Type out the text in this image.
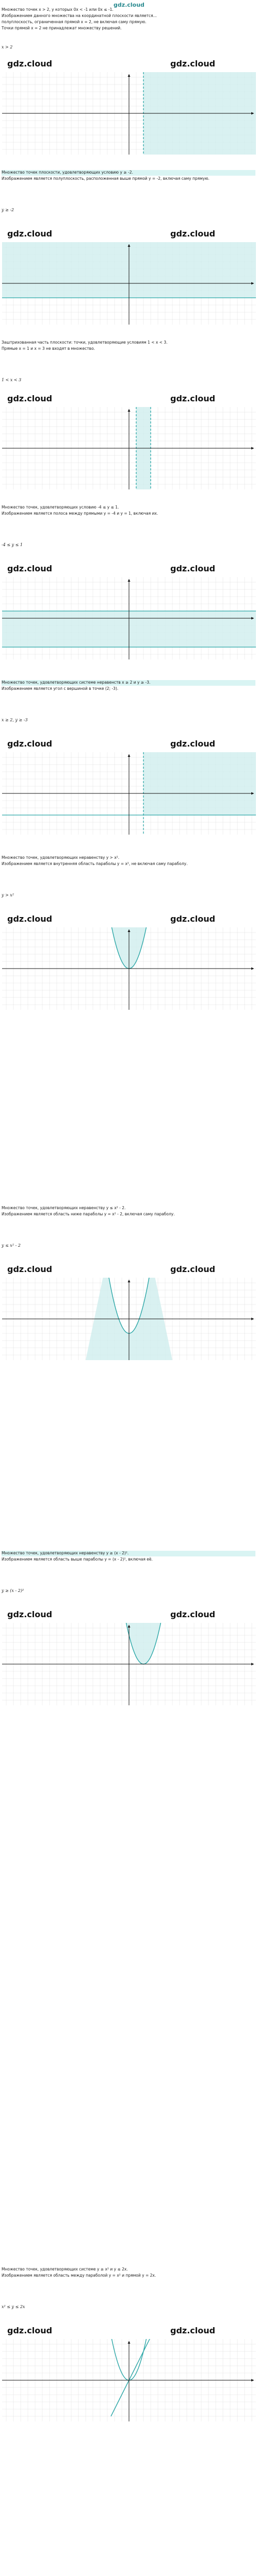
gdz.cloud

Множество точек x > 2, у которых 0x < -1 или 0x ≤ -1.

Изображением данного множества на координатной плоскости является...

полуплоскость, ограниченная прямой x = 2, не включая саму прямую.

Точки прямой x = 2 не принадлежат множеству решений.

x > 2
gdz.cloud	gdz.cloud

Множество точек плоскости, удовлетворяющих условию y ≥ -2.

Изображением является полуплоскость, расположенная выше прямой y = -2, включая саму прямую.

y ≥ -2
gdz.cloud	gdz.cloud

Заштрихованная часть плоскости: точки, удовлетворяющие условиям 1 < x < 3.

Прямые x = 1 и x = 3 не входят в множество.

1 < x < 3
gdz.cloud	gdz.cloud

Множество точек, удовлетворяющих условию -4 ≤ y ≤ 1.

Изображением является полоса между прямыми y = -4 и y = 1, включая их.

-4 ≤ y ≤ 1
gdz.cloud	gdz.cloud

Множество точек, удовлетворяющих системе неравенств x ≥ 2 и y ≥ -3.

Изображением является угол с вершиной в точке (2; -3).

x ≥ 2, y ≥ -3
gdz.cloud	gdz.cloud

Множество точек, удовлетворяющих неравенству y > x².

Изображением является внутренняя область параболы y = x², не включая саму параболу.

y > x²
gdz.cloud	gdz.cloud

Множество точек, удовлетворяющих неравенству y ≤ x² - 2.

Изображением является область ниже параболы y = x² - 2, включая саму параболу.

y ≤ x² - 2
gdz.cloud	gdz.cloud

Множество точек, удовлетворяющих неравенству y ≥ (x - 2)².

Изображением является область выше параболы y = (x - 2)², включая её.

y ≥ (x - 2)²
gdz.cloud	gdz.cloud

Множество точек, удовлетворяющих системе y ≥ x² и y ≤ 2x.

Изображением является область между параболой y = x² и прямой y = 2x.

x² ≤ y ≤ 2x
gdz.cloud	gdz.cloud
